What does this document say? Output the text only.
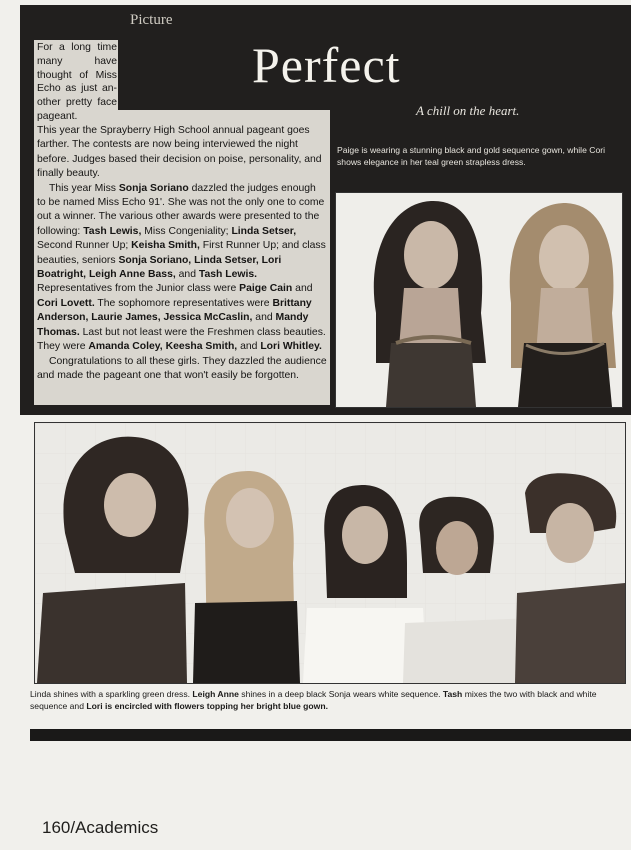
Picture
Perfect
A chill on the heart.
For a long time many have thought of Miss Echo as just an-other pretty face pageant.

This year the Sprayberry High School annual pageant goes farther. The contests are now being interviewed the night before. Judges based their decision on poise, personality, and finally beauty.

This year Miss Sonja Soriano dazzled the judges enough to be named Miss Echo 91'. She was not the only one to come out a winner. The various other awards were presented to the following: Tash Lewis, Miss Congeniality; Linda Setser, Second Runner Up; Keisha Smith, First Runner Up; and class beauties, seniors Sonja Soriano, Linda Setser, Lori Boatright, Leigh Anne Bass, and Tash Lewis. Representatives from the Junior class were Paige Cain and Cori Lovett. The sophomore representatives were Brittany Anderson, Laurie James, Jessica McCaslin, and Mandy Thomas. Last but not least were the Freshmen class beauties. They were Amanda Coley, Keesha Smith, and Lori Whitley.

Congratulations to all these girls. They dazzled the audience and made the pageant one that won't easily be forgotten.

Paige is wearing a stunning black and gold sequence gown, while Cori shows elegance in her teal green strapless dress.
Linda shines with a sparkling green dress. Leigh Anne shines in a deep black Sonja wears white sequence. Tash mixes the two with black and white sequence and Lori is encircled with flowers topping her bright blue gown.
160/Academics
